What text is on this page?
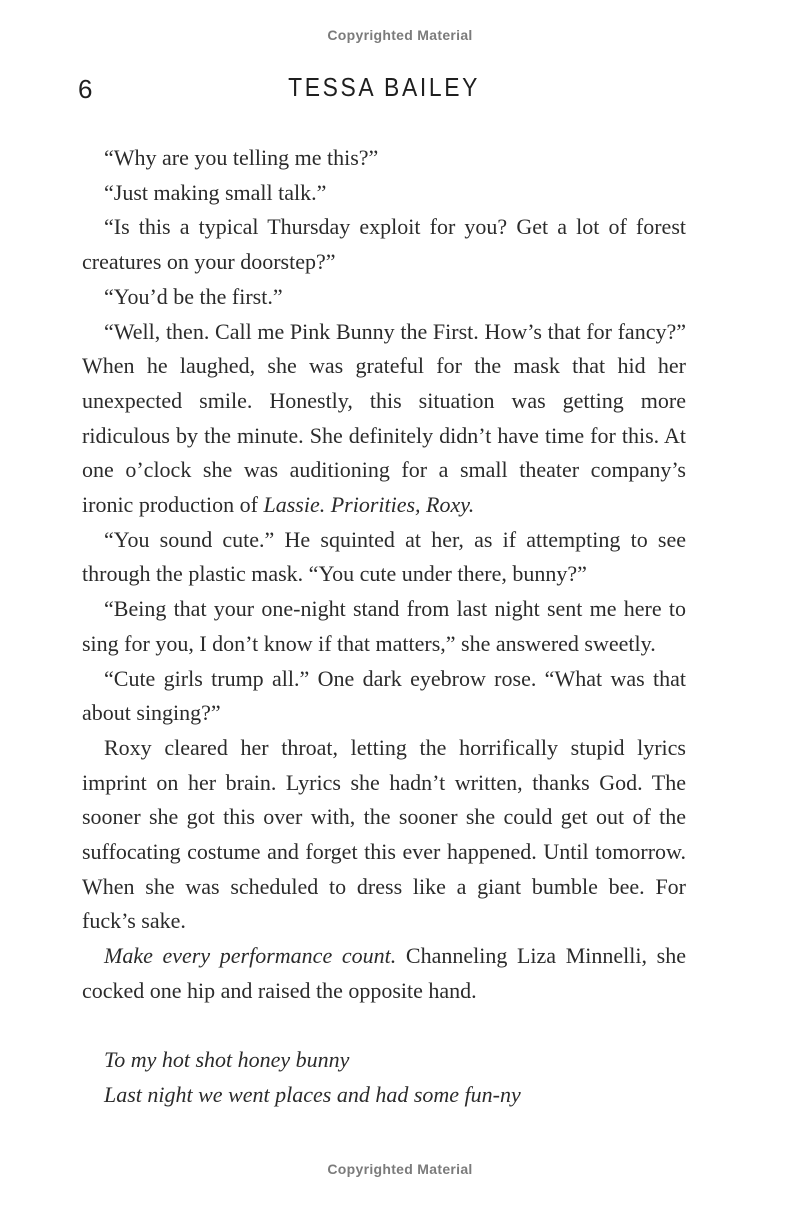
Copyrighted Material
6	TESSA BAILEY

“Why are you telling me this?”

“Just making small talk.”

“Is this a typical Thursday exploit for you? Get a lot of forest creatures on your doorstep?”

“You’d be the first.”

“Well, then. Call me Pink Bunny the First. How’s that for fancy?” When he laughed, she was grateful for the mask that hid her unexpected smile. Honestly, this situation was getting more ridiculous by the minute. She definitely didn’t have time for this. At one o’clock she was auditioning for a small theater company’s ironic production of Lassie. Priorities, Roxy.

“You sound cute.” He squinted at her, as if attempting to see through the plastic mask. “You cute under there, bunny?”

“Being that your one-night stand from last night sent me here to sing for you, I don’t know if that matters,” she answered sweetly.

“Cute girls trump all.” One dark eyebrow rose. “What was that about singing?”

Roxy cleared her throat, letting the horrifically stupid lyrics imprint on her brain. Lyrics she hadn’t written, thanks God. The sooner she got this over with, the sooner she could get out of the suffocating costume and forget this ever happened. Until tomorrow. When she was scheduled to dress like a giant bumble bee. For fuck’s sake.

Make every performance count. Channeling Liza Minnelli, she cocked one hip and raised the opposite hand.

To my hot shot honey bunny
Last night we went places and had some fun-ny
Copyrighted Material
